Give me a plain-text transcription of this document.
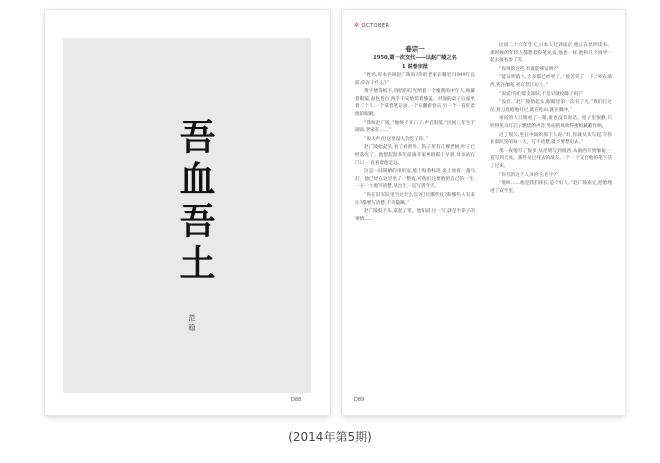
吾血吾土
范稳
D88
✲ OCTOBER
卷宗一
1950,第一次交代——以赵广陵之名
1 说卷宗批

“姓名,你本名叫赵广陵吗?你的老家在哪里?1949年以前,你在干什么?”

黄字便签纸下,昏暗的灯光照着一个瘦削的中年人,他戴着眼镜,面色苍白,两手不安地搓着膝盖。对面的桌子后面坐着三个人,一个拿着笔记录,一个在翻看卷宗,另一个一直盯着他的眼睛。

“我叫赵广陵。”他终于开口了,声音很低,“民国三年生于湖南,老家在……”

“说大声点!这里没人会吃了你。”

赵广陵抬起头,看了看窗外。院子里有几棵老树,叶子已经落光了。他想起很多年前离开家乡的那个早晨,母亲站在门口,一直看着他走远。

这是一间简陋的审讯室,墙上贴着标语,桌上放着一盏马灯。他已经在这里坐了一整夜,可他们还要他把自己的一生,一五一十地写清楚,从出生一直写到今天。

“你在旧军队里当过什么官?打过哪些仗?和哪些人有来往?都要写清楚,不许隐瞒。”

赵广陵低下头,拿起了笔。他知道,这一写,就是半辈子的事情……

民国二十六年冬天,日本人打到南京,他正在昆明读书。那时候的年轻人都想着投笔从戎,他也一样,他和几个同学一起去报名参了军。

“你说的这些,有谁能够证明?”

“能证明的人,大多都已经死了。”他苦笑了一下,“死在滇西,死在缅甸,死在怒江边上。”

“说谎!你们那支部队,不是早就投降了吗?”

“没有。”赵广陵抬起头,眼睛里第一次有了光,“我们打过仗,真刀真枪地打过,就在松山,就在腾冲。”

审问的人互相看了一眼,谁也没有说话。屋子里很静,只听得见马灯芯子燃烧的声音,外面的风吹得窗纸簌簌作响。

过了很久,坐在中间的那个人说:“好,你就从头写起,写你在部队里的每一天。写不清楚,就不要想出去。”

那一夜他写了很多,从昆明写到滇西,从滇西写到缅甸,一直写到天亮。那些早已死去的战友,一个一个又在他的笔下活了过来。

“你写的这个人,叫什么名字?”

“他叫……他是我们排长,是个好人。”赵广陵说完,把脸埋进了双手里。

D89
(2014年第5期)
